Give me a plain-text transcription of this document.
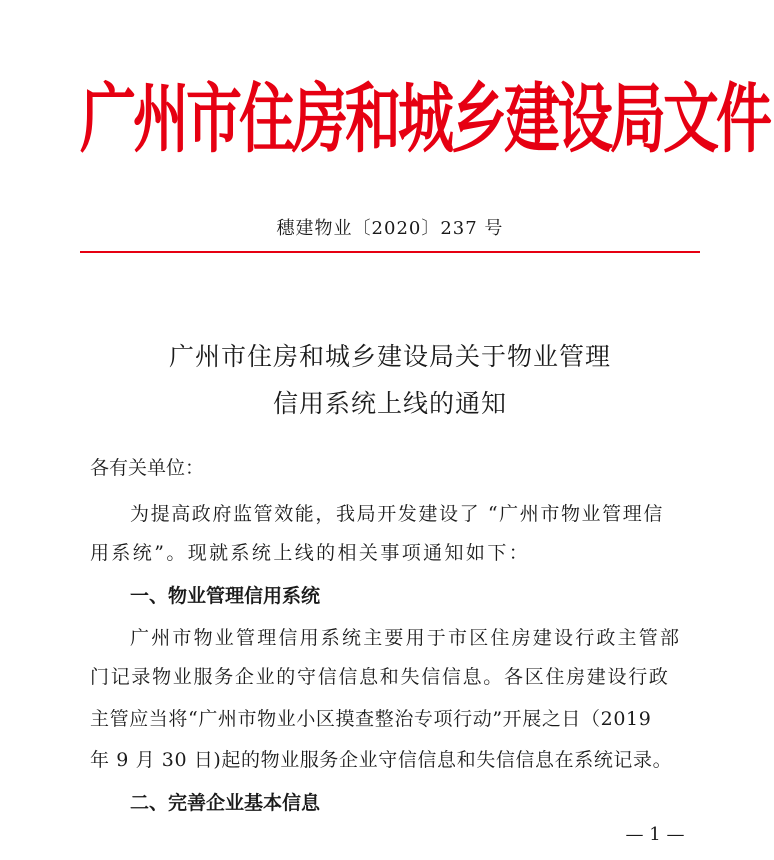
广州市住房和城乡建设局文件
穗建物业〔2020〕237 号
广州市住房和城乡建设局关于物业管理
信用系统上线的通知
各有关单位：
为提高政府监管效能，我局开发建设了 “广州市物业管理信
用系统”。现就系统上线的相关事项通知如下：
一、物业管理信用系统
广州市物业管理信用系统主要用于市区住房建设行政主管部
门记录物业服务企业的守信信息和失信信息。各区住房建设行政
主管应当将“广州市物业小区摸查整治专项行动”开展之日（2019
年 9 月 30 日)起的物业服务企业守信信息和失信信息在系统记录。
二、完善企业基本信息
— 1 —
